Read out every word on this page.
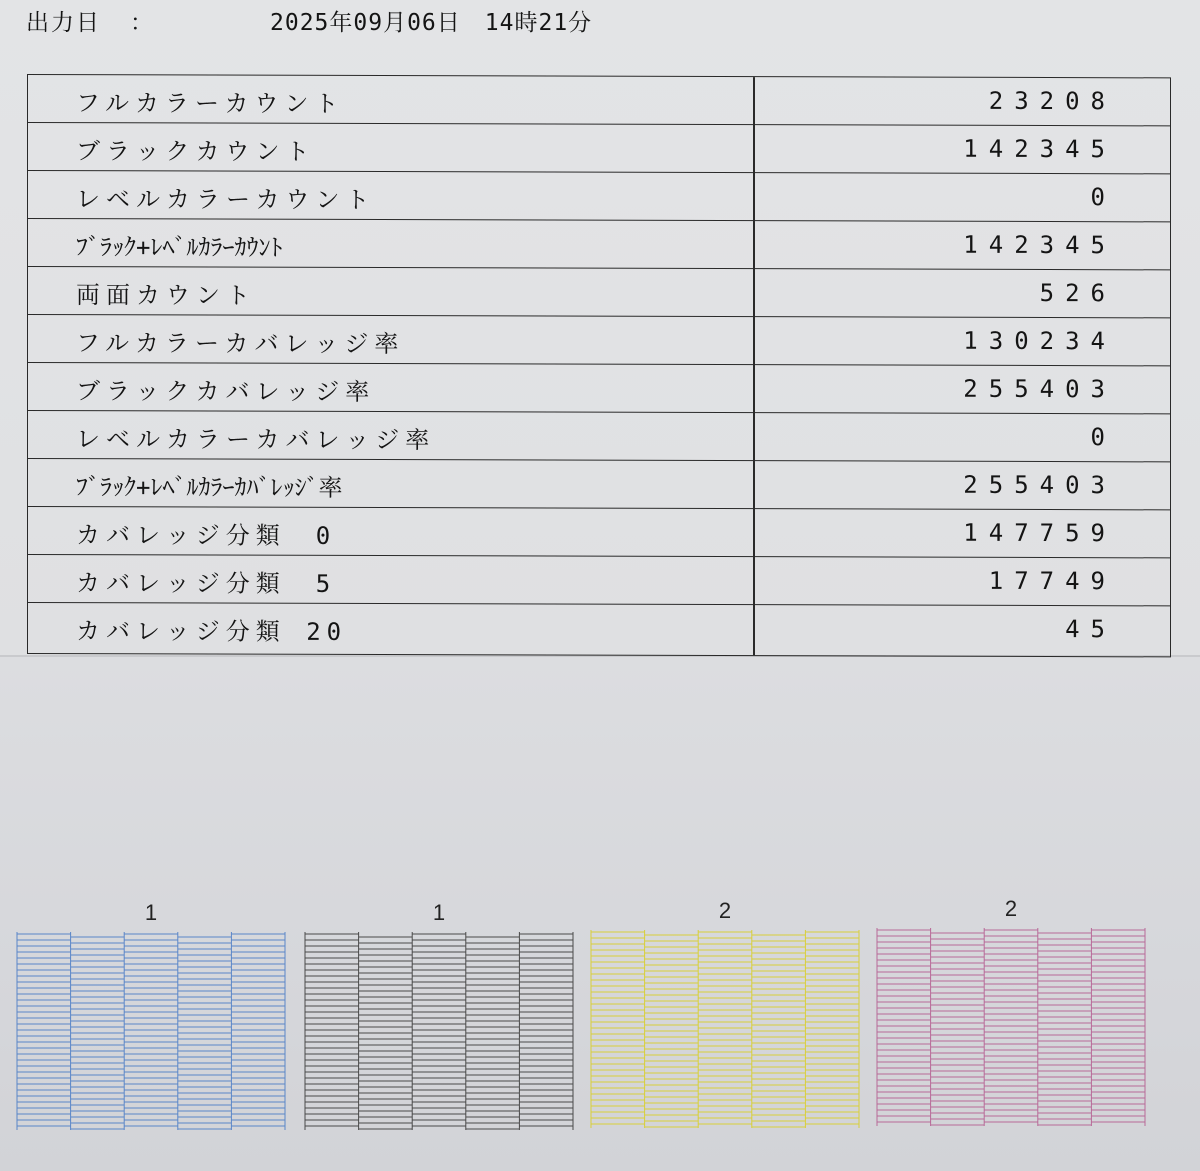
出力日 ：	2025年09月06日　14時21分
フルカラーカウント	23208
ブラックカウント	142345
レベルカラーカウント	0
ﾌﾞﾗｯｸ+ﾚﾍﾞﾙｶﾗｰｶｳﾝﾄ	142345
両面カウント	526
フルカラーカバレッジ率	130234
ブラックカバレッジ率	255403
レベルカラーカバレッジ率	0
ﾌﾞﾗｯｸ+ﾚﾍﾞﾙｶﾗｰｶﾊﾞﾚｯｼﾞ率	255403
カバレッジ分類　0	147759
カバレッジ分類　5	17749
カバレッジ分類 20	45
1	1	2	2
